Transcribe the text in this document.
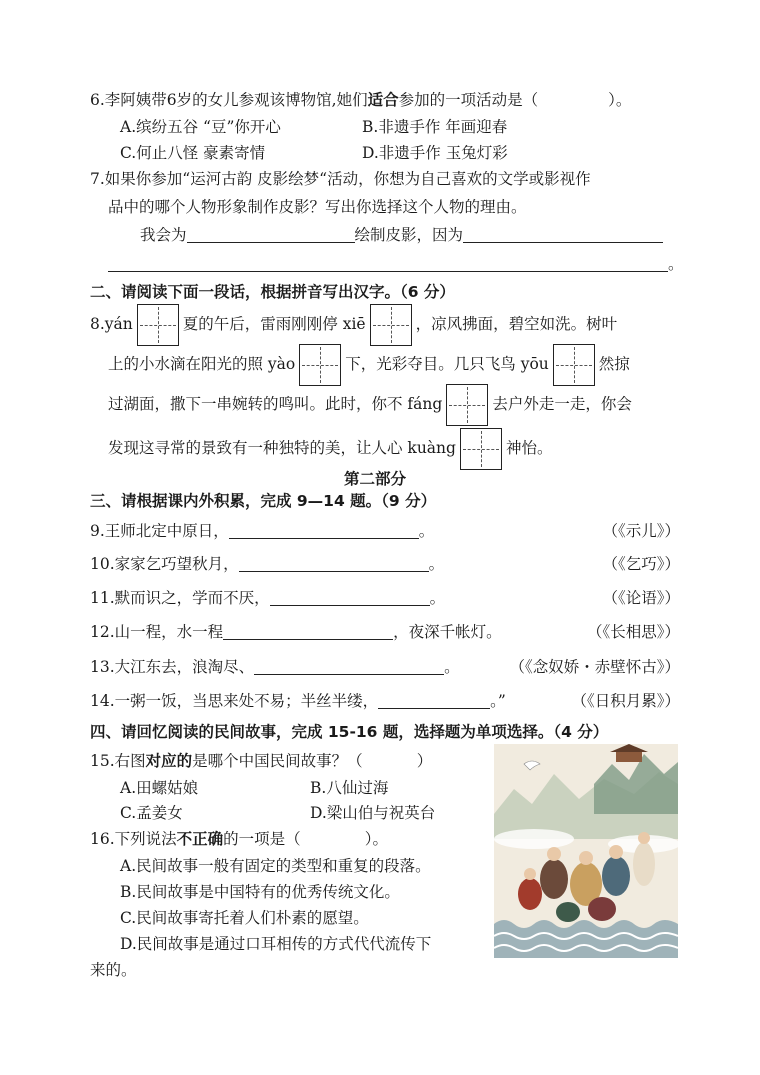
6.李阿姨带6岁的女儿参观该博物馆,她们适合参加的一项活动是（	）。
A.缤纷五谷 “豆”你开心	B.非遗手作 年画迎春
C.何止八怪 豪素寄情	D.非遗手作 玉兔灯彩
7.如果你参加“运河古韵 皮影绘梦“活动，你想为自己喜欢的文学或影视作
品中的哪个人物形象制作皮影？写出你选择这个人物的理由。
我会为	绘制皮影，因为
。
二、请阅读下面一段话，根据拼音写出汉字。（6 分）
8.yán	夏的午后，雷雨刚刚停 xiē	，凉风拂面，碧空如洗。树叶
上的小水滴在阳光的照 yào	下，光彩夺目。几只飞鸟 yōu	然掠
过湖面，撒下一串婉转的鸣叫。此时，你不 fáng	去户外走一走，你会
发现这寻常的景致有一种独特的美，让人心 kuàng	神怡。
第二部分
三、请根据课内外积累，完成 9—14 题。（9 分）
9.王师北定中原日，	。	（《示儿》）
10.家家乞巧望秋月，	。	（《乞巧》）
11.默而识之，学而不厌，	。	（《论语》）
12.山一程，水一程	，夜深千帐灯。	（《长相思》）
13.大江东去，浪淘尽、	。	（《念奴娇・赤壁怀古》）
14.一粥一饭，当思来处不易；半丝半缕，	。”	（《日积月累》）
四、请回忆阅读的民间故事，完成 15-16 题，选择题为单项选择。（4 分）
15.右图对应的是哪个中国民间故事？（	）
A.田螺姑娘	B.八仙过海
C.孟姜女	D.梁山伯与祝英台
16.下列说法不正确的一项是（	）。
A.民间故事一般有固定的类型和重复的段落。
B.民间故事是中国特有的优秀传统文化。
C.民间故事寄托着人们朴素的愿望。
D.民间故事是通过口耳相传的方式代代流传下
来的。
